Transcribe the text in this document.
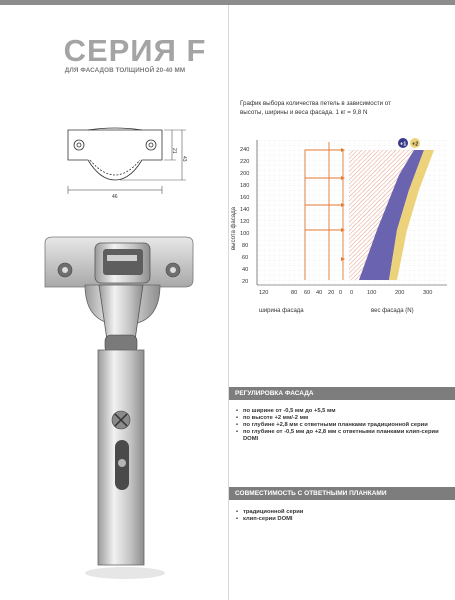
СЕРИЯ F
ДЛЯ ФАСАДОВ ТОЛЩИНОЙ 20-40 ММ
46
21
43
График выбора количества петель в зависимости от высоты, ширины и веса фасада. 1 кг = 9,8 N
20
40
60
80
100
120
140
160
180
200
220
240
высота фасада
120	80 60 40 20 0 0 100	200	300
ширина фасада	вес фасада (N)
+1 +2
РЕГУЛИРОВКА ФАСАДА
• по ширине от -0,5 мм до +5,5 мм
• по высоте +2 мм/-2 мм
• по глубине +2,8 мм с ответными планками традиционной серии
• по глубине от -0,5 мм до +2,8 мм с ответными планками клип-серии DOMI
СОВМЕСТИМОСТЬ С ОТВЕТНЫМИ ПЛАНКАМИ
• традиционной серии
• клип-серии DOMI
